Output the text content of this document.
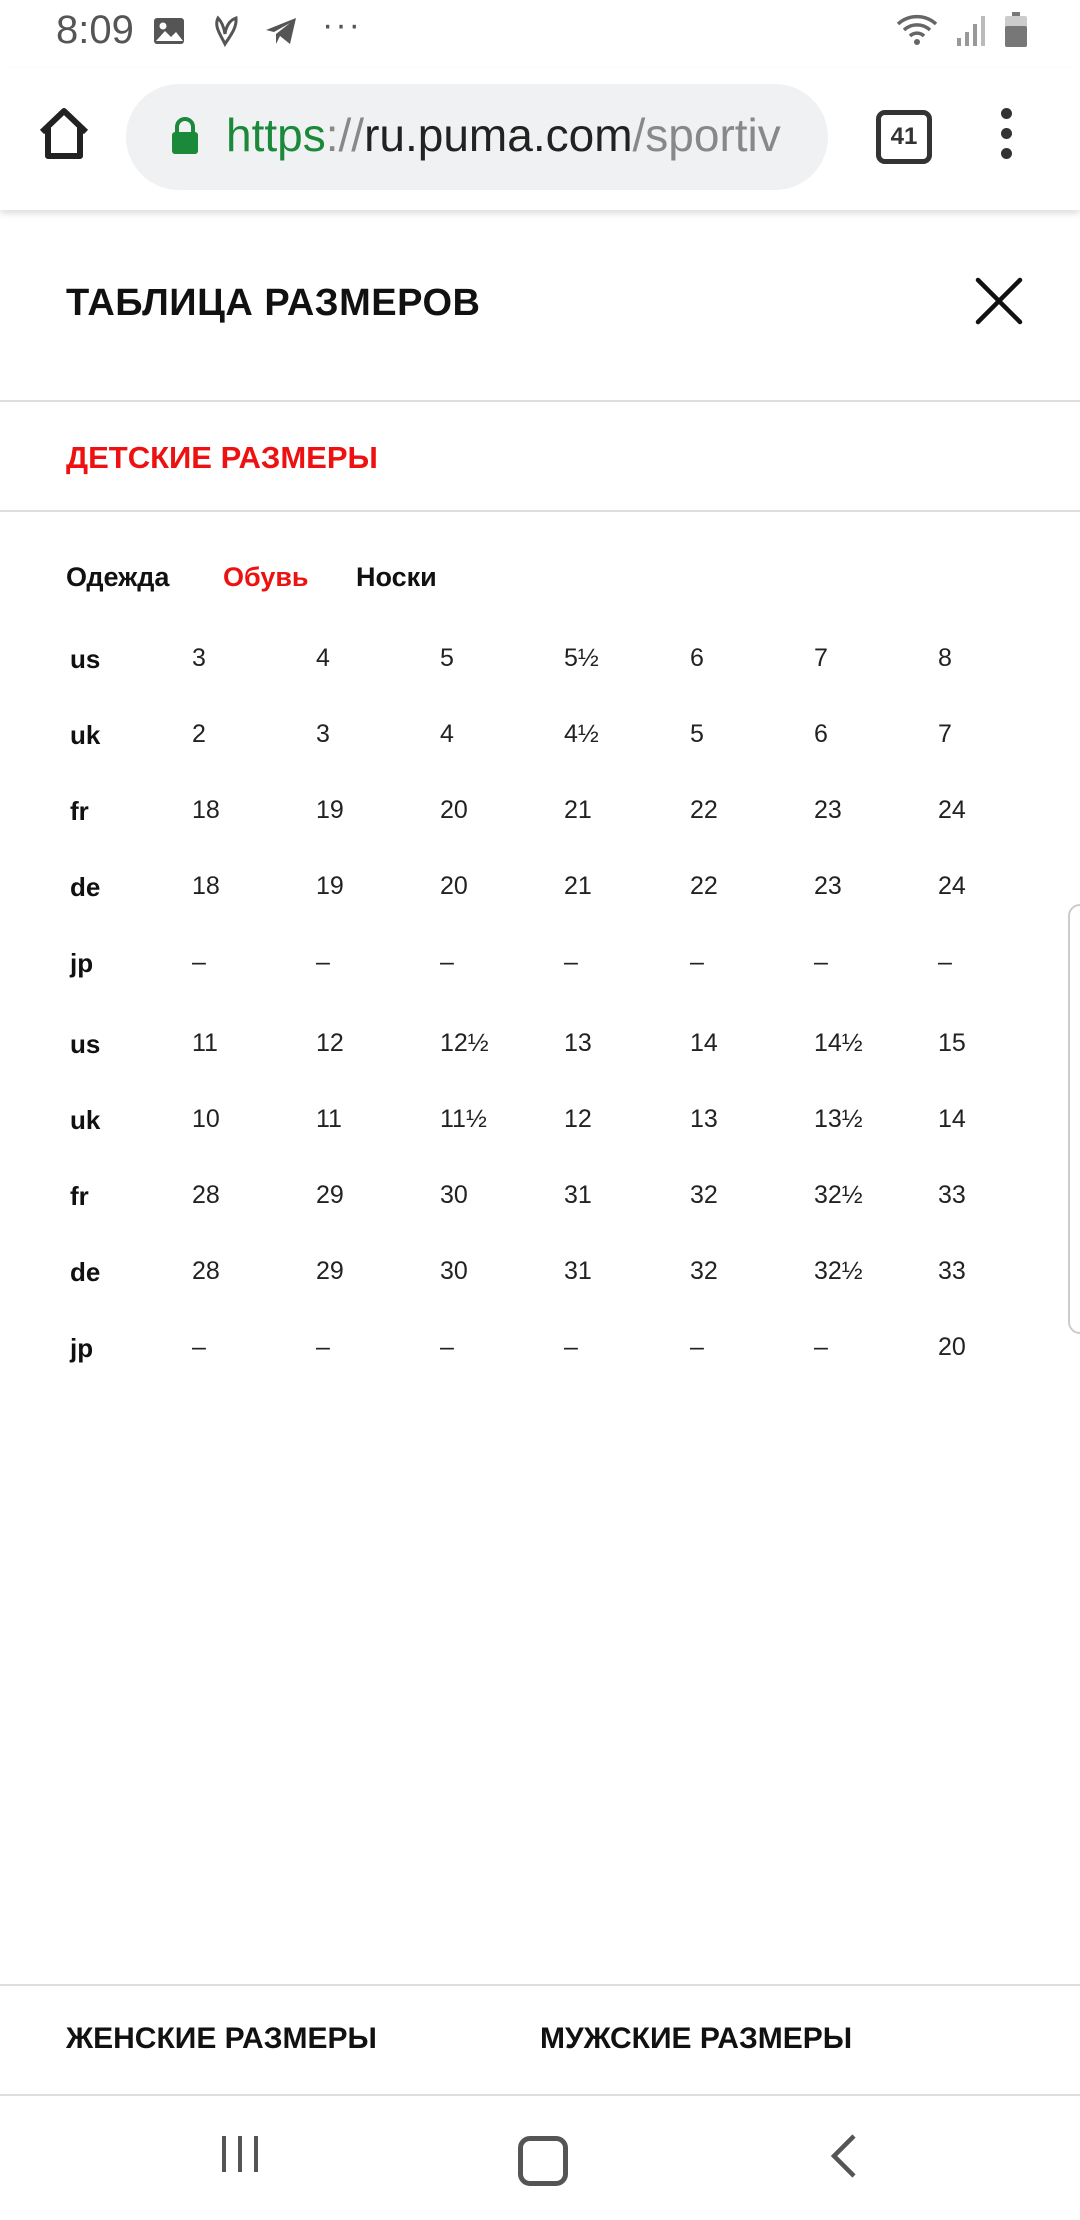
8:09	···
https://ru.puma.com/sportiv	41
ТАБЛИЦА РАЗМЕРОВ
ДЕТСКИЕ РАЗМЕРЫ
Одежда Обувь Носки
us	3	4	5	5½	6	7	8
uk	2	3	4	4½	5	6	7
fr	18	19	20	21	22	23	24
de	18	19	20	21	22	23	24
jp	–	–	–	–	–	–	–
us	11	12	12½	13	14	14½	15
uk	10	11	11½	12	13	13½	14
fr	28	29	30	31	32	32½	33
de	28	29	30	31	32	32½	33
jp	–	–	–	–	–	–	20
ЖЕНСКИЕ РАЗМЕРЫ	МУЖСКИЕ РАЗМЕРЫ
